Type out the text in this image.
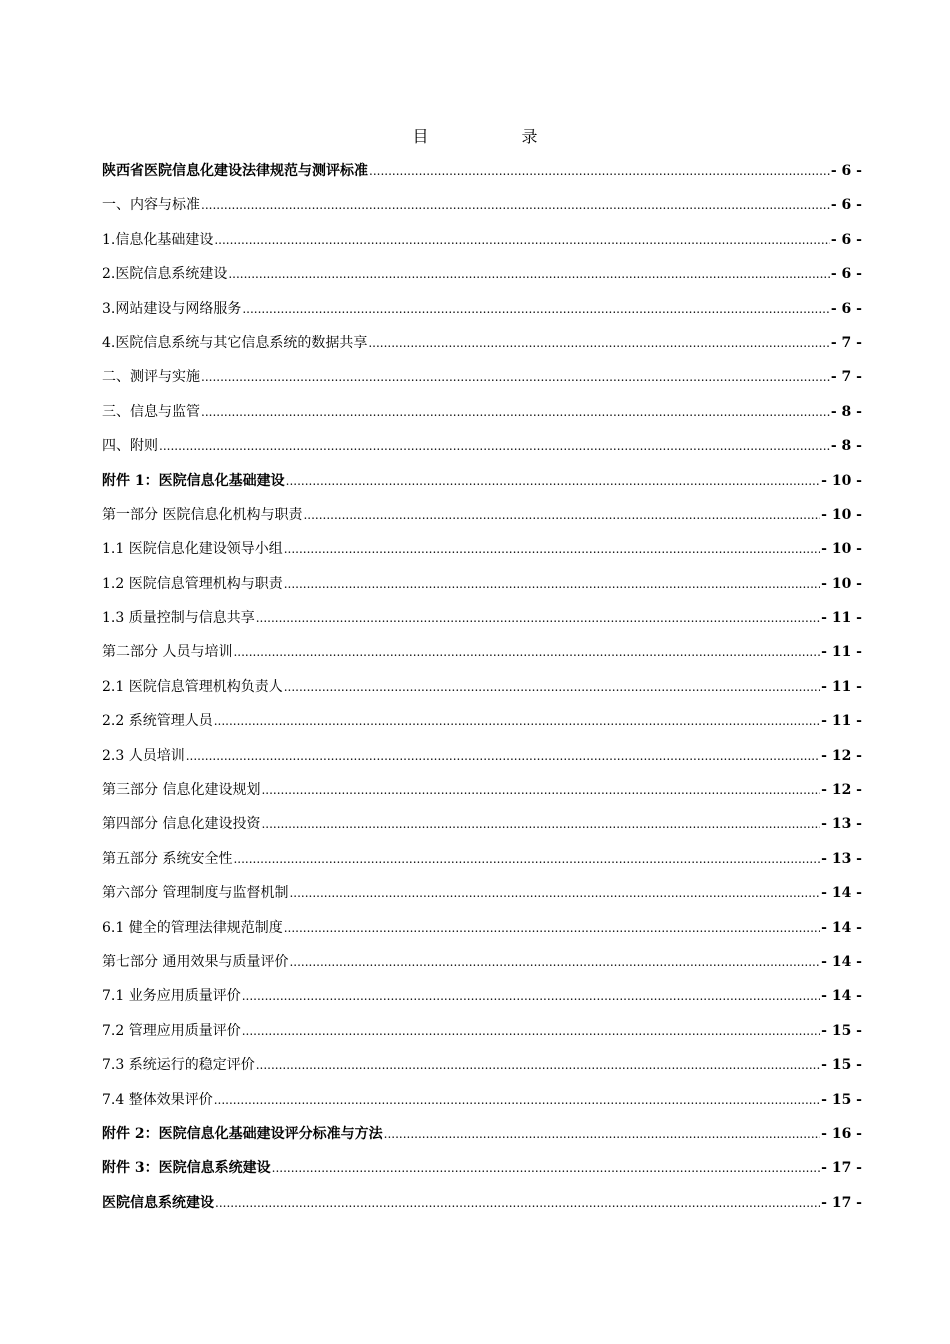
目 录
陕西省医院信息化建设法律规范与测评标准 .....	- 6 -
一、内容与标准 .....	- 6 -
1.信息化基础建设 .....	- 6 -
2.医院信息系统建设 .....	- 6 -
3.网站建设与网络服务 .....	- 6 -
4.医院信息系统与其它信息系统的数据共享 .....	- 7 -
二、测评与实施 .....	- 7 -
三、信息与监管 .....	- 8 -
四、附则 .....	- 8 -
附件 1：医院信息化基础建设 .....	- 10 -
第一部分 医院信息化机构与职责 .....	- 10 -
1.1 医院信息化建设领导小组 .....	- 10 -
1.2 医院信息管理机构与职责 .....	- 10 -
1.3 质量控制与信息共享 .....	- 11 -
第二部分 人员与培训 .....	- 11 -
2.1 医院信息管理机构负责人 .....	- 11 -
2.2 系统管理人员 .....	- 11 -
2.3 人员培训 .....	- 12 -
第三部分 信息化建设规划 .....	- 12 -
第四部分 信息化建设投资 .....	- 13 -
第五部分 系统安全性 .....	- 13 -
第六部分 管理制度与监督机制 .....	- 14 -
6.1 健全的管理法律规范制度 .....	- 14 -
第七部分 通用效果与质量评价 .....	- 14 -
7.1 业务应用质量评价 .....	- 14 -
7.2 管理应用质量评价 .....	- 15 -
7.3 系统运行的稳定评价 .....	- 15 -
7.4 整体效果评价 .....	- 15 -
附件 2：医院信息化基础建设评分标准与方法 .....	- 16 -
附件 3：医院信息系统建设 .....	- 17 -
医院信息系统建设 .....	- 17 -
